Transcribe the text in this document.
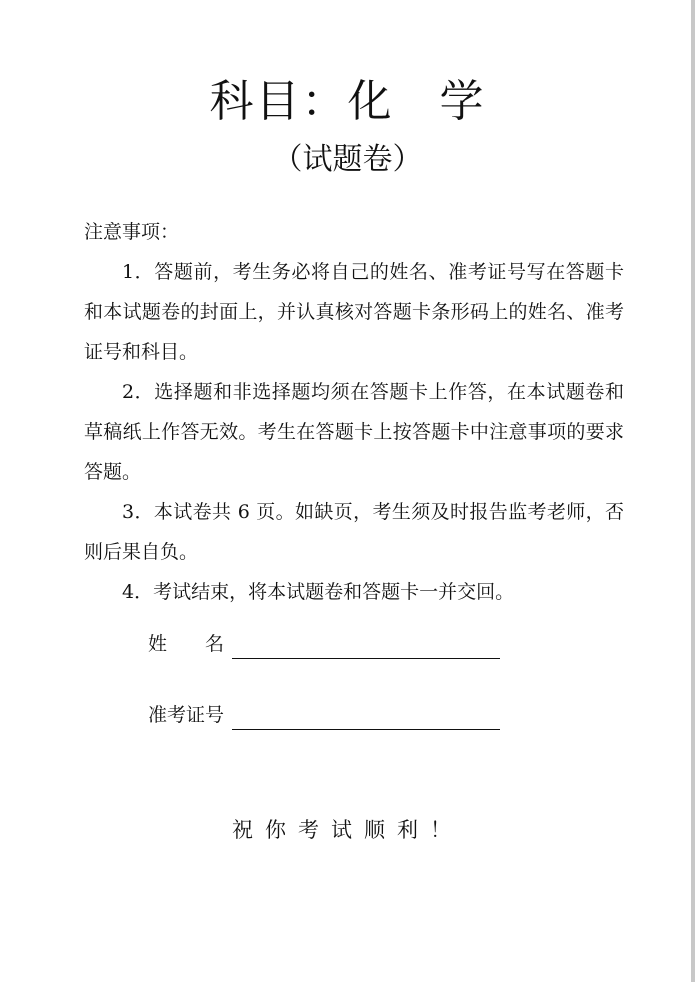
科目：化　学
（试题卷）
注意事项：

1．答题前，考生务必将自己的姓名、准考证号写在答题卡和本试题卷的封面上，并认真核对答题卡条形码上的姓名、准考证号和科目。

2．选择题和非选择题均须在答题卡上作答，在本试题卷和草稿纸上作答无效。考生在答题卡上按答题卡中注意事项的要求答题。

3．本试卷共 6 页。如缺页，考生须及时报告监考老师，否则后果自负。

4．考试结束，将本试题卷和答题卡一并交回。

姓　　名
准考证号
祝你考试顺利！
